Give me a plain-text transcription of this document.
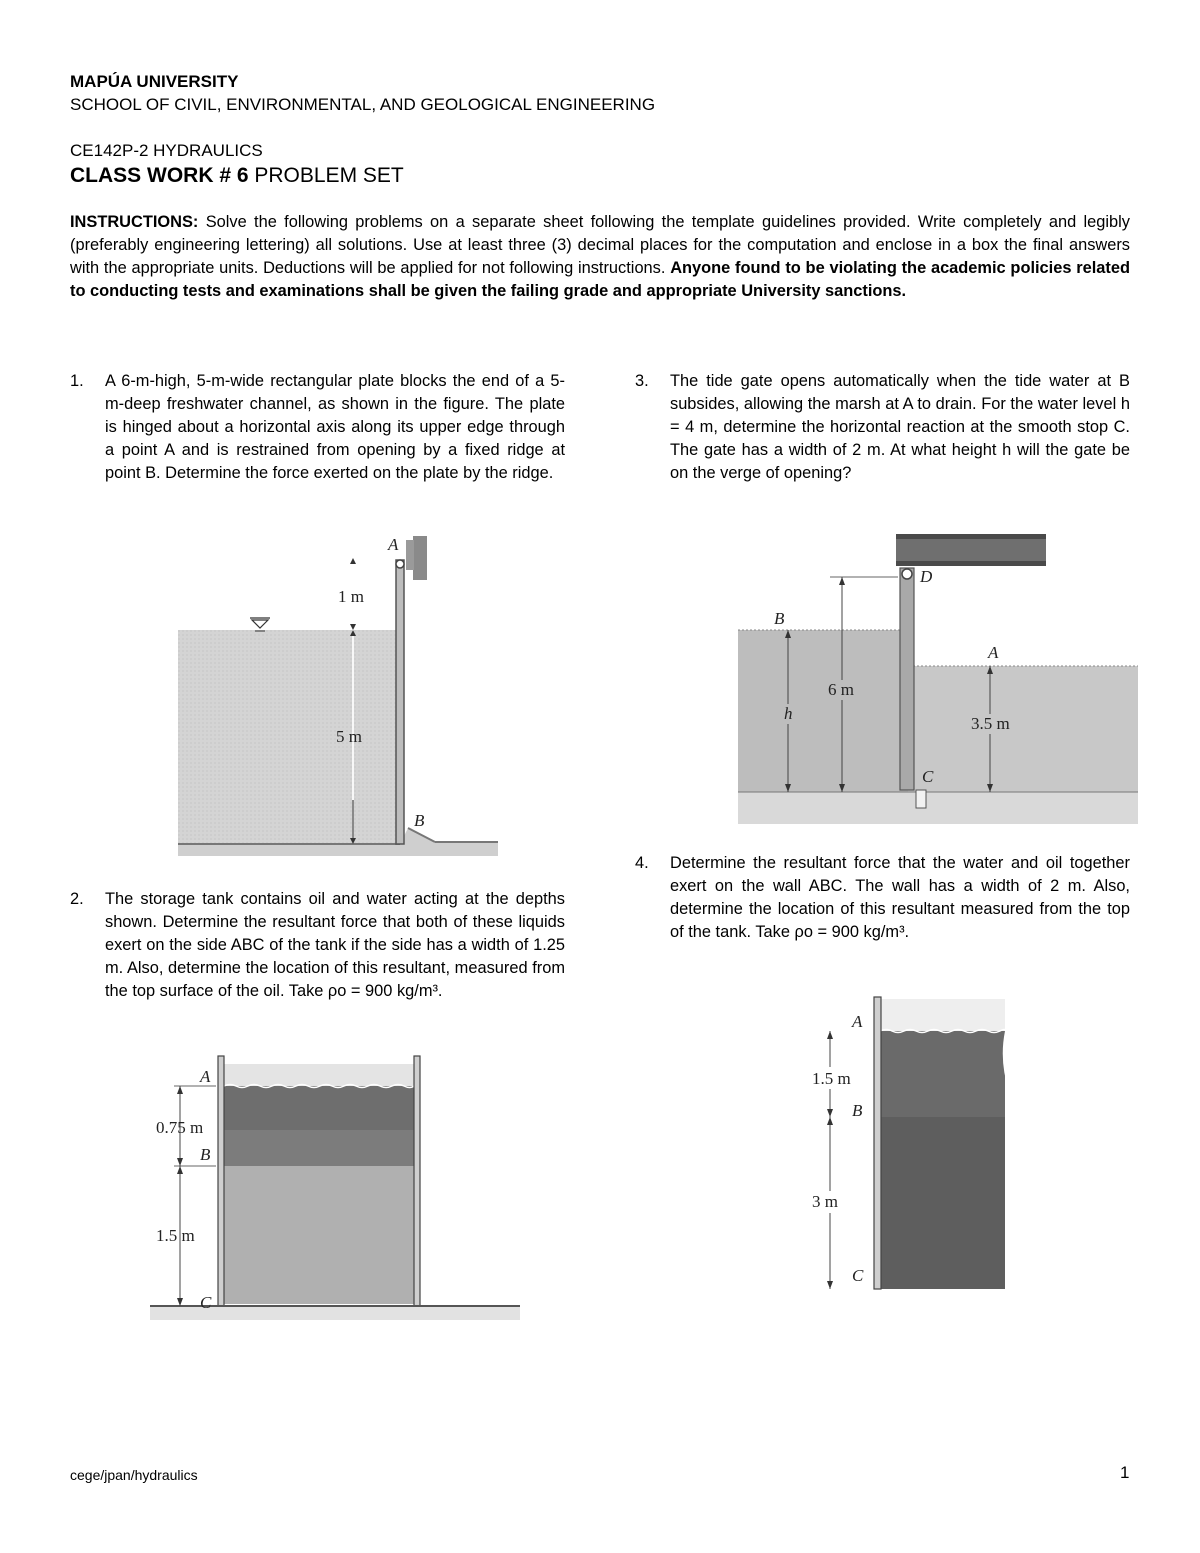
MAPÚA UNIVERSITY
SCHOOL OF CIVIL, ENVIRONMENTAL, AND GEOLOGICAL ENGINEERING
CE142P-2 HYDRAULICS
CLASS WORK # 6 PROBLEM SET
INSTRUCTIONS: Solve the following problems on a separate sheet following the template guidelines provided. Write completely and legibly (preferably engineering lettering) all solutions. Use at least three (3) decimal places for the computation and enclose in a box the final answers with the appropriate units. Deductions will be applied for not following instructions. Anyone found to be violating the academic policies related to conducting tests and examinations shall be given the failing grade and appropriate University sanctions.
1. A 6-m-high, 5-m-wide rectangular plate blocks the end of a 5-m-deep freshwater channel, as shown in the figure. The plate is hinged about a horizontal axis along its upper edge through a point A and is restrained from opening by a fixed ridge at point B. Determine the force exerted on the plate by the ridge.
A
B
1 m
5 m
2. The storage tank contains oil and water acting at the depths shown. Determine the resultant force that both of these liquids exert on the side ABC of the tank if the side has a width of 1.25 m. Also, determine the location of this resultant, measured from the top surface of the oil. Take ρo = 900 kg/m³.
A
B
C
0.75 m
1.5 m
3. The tide gate opens automatically when the tide water at B subsides, allowing the marsh at A to drain. For the water level h = 4 m, determine the horizontal reaction at the smooth stop C. The gate has a width of 2 m. At what height h will the gate be on the verge of opening?
B
A
D
C
6 m
h
3.5 m
4. Determine the resultant force that the water and oil together exert on the wall ABC. The wall has a width of 2 m. Also, determine the location of this resultant measured from the top of the tank. Take ρo = 900 kg/m³.
A
B
C
1.5 m
3 m
cege/jpan/hydraulics	1
